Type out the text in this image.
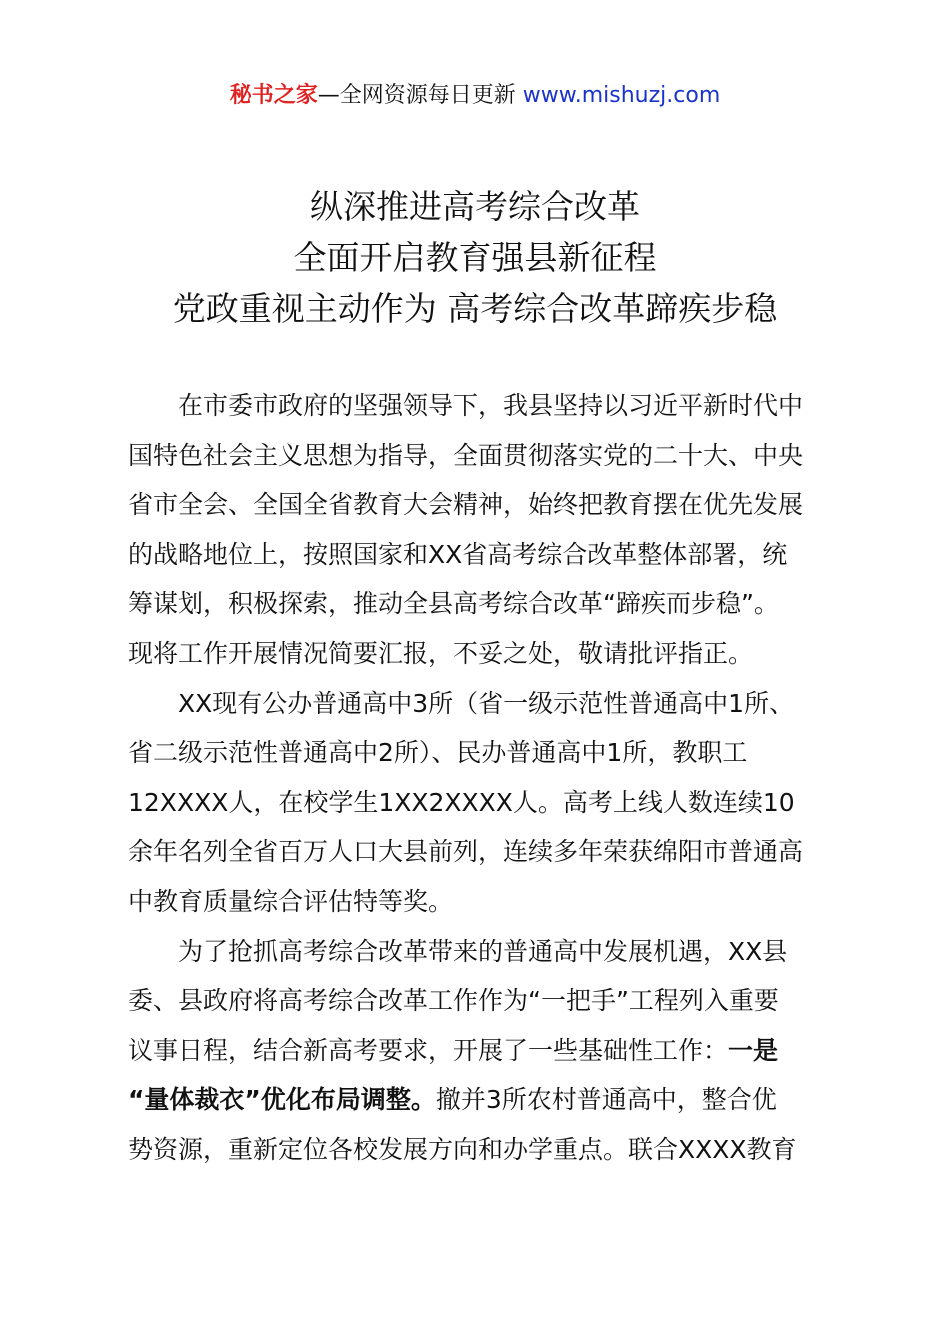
秘书之家—全网资源每日更新 www.mishuzj.com
纵深推进高考综合改革
全面开启教育强县新征程
党政重视主动作为 高考综合改革蹄疾步稳
在市委市政府的坚强领导下，我县坚持以习近平新时代中
国特色社会主义思想为指导，全面贯彻落实党的二十大、中央
省市全会、全国全省教育大会精神，始终把教育摆在优先发展
的战略地位上，按照国家和XX省高考综合改革整体部署，统
筹谋划，积极探索，推动全县高考综合改革“蹄疾而步稳”。
现将工作开展情况简要汇报，不妥之处，敬请批评指正。
XX现有公办普通高中3所（省一级示范性普通高中1所、
省二级示范性普通高中2所）、民办普通高中1所，教职工
12XXXX人，在校学生1XX2XXXX人。高考上线人数连续10
余年名列全省百万人口大县前列，连续多年荣获绵阳市普通高
中教育质量综合评估特等奖。
为了抢抓高考综合改革带来的普通高中发展机遇，XX县
委、县政府将高考综合改革工作作为“一把手”工程列入重要
议事日程，结合新高考要求，开展了一些基础性工作：一是
“量体裁衣”优化布局调整。撤并3所农村普通高中，整合优
势资源，重新定位各校发展方向和办学重点。联合XXXX教育
